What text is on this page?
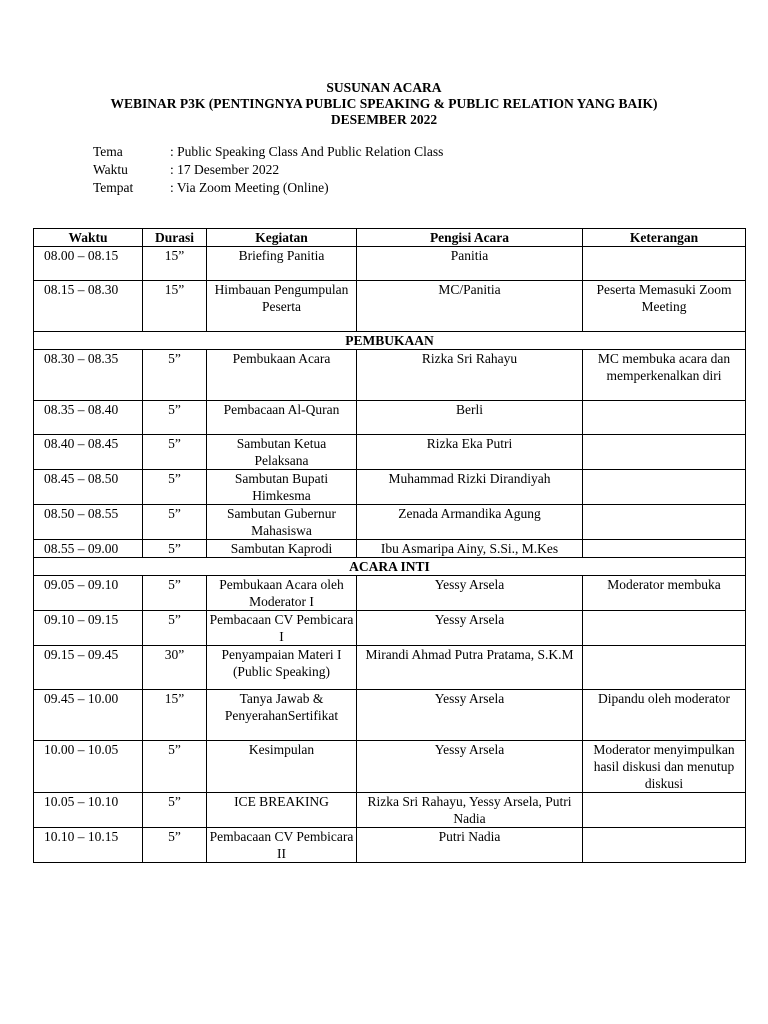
SUSUNAN ACARA
WEBINAR P3K (PENTINGNYA PUBLIC SPEAKING & PUBLIC RELATION YANG BAIK)
DESEMBER 2022
Tema	: Public Speaking Class And Public Relation Class
Waktu	: 17 Desember 2022
Tempat	: Via Zoom Meeting (Online)
Waktu	Durasi	Kegiatan	Pengisi Acara	Keterangan
08.00 – 08.15	15”	Briefing Panitia	Panitia	
08.15 – 08.30	15”	Himbauan Pengumpulan Peserta	MC/Panitia	Peserta Memasuki Zoom Meeting
PEMBUKAAN				
08.30 – 08.35	5”	Pembukaan Acara	Rizka Sri Rahayu	MC membuka acara dan memperkenalkan diri
08.35 – 08.40	5”	Pembacaan Al-Quran	Berli	
08.40 – 08.45	5”	Sambutan Ketua Pelaksana	Rizka Eka Putri	
08.45 – 08.50	5”	Sambutan Bupati Himkesma	Muhammad Rizki Dirandiyah	
08.50 – 08.55	5”	Sambutan Gubernur Mahasiswa	Zenada Armandika Agung	
08.55 – 09.00	5”	Sambutan Kaprodi	Ibu Asmaripa Ainy, S.Si., M.Kes	
ACARA INTI				
09.05 – 09.10	5”	Pembukaan Acara oleh Moderator I	Yessy Arsela	Moderator membuka
09.10 – 09.15	5”	Pembacaan CV Pembicara I	Yessy Arsela	
09.15 – 09.45	30”	Penyampaian Materi I (Public Speaking)	Mirandi Ahmad Putra Pratama, S.K.M	
09.45 – 10.00	15”	Tanya Jawab & PenyerahanSertifikat	Yessy Arsela	Dipandu oleh moderator
10.00 – 10.05	5”	Kesimpulan	Yessy Arsela	Moderator menyimpulkan hasil diskusi dan menutup diskusi
10.05 – 10.10	5”	ICE BREAKING	Rizka Sri Rahayu, Yessy Arsela, Putri Nadia	
10.10 – 10.15	5”	Pembacaan CV Pembicara II	Putri Nadia	
